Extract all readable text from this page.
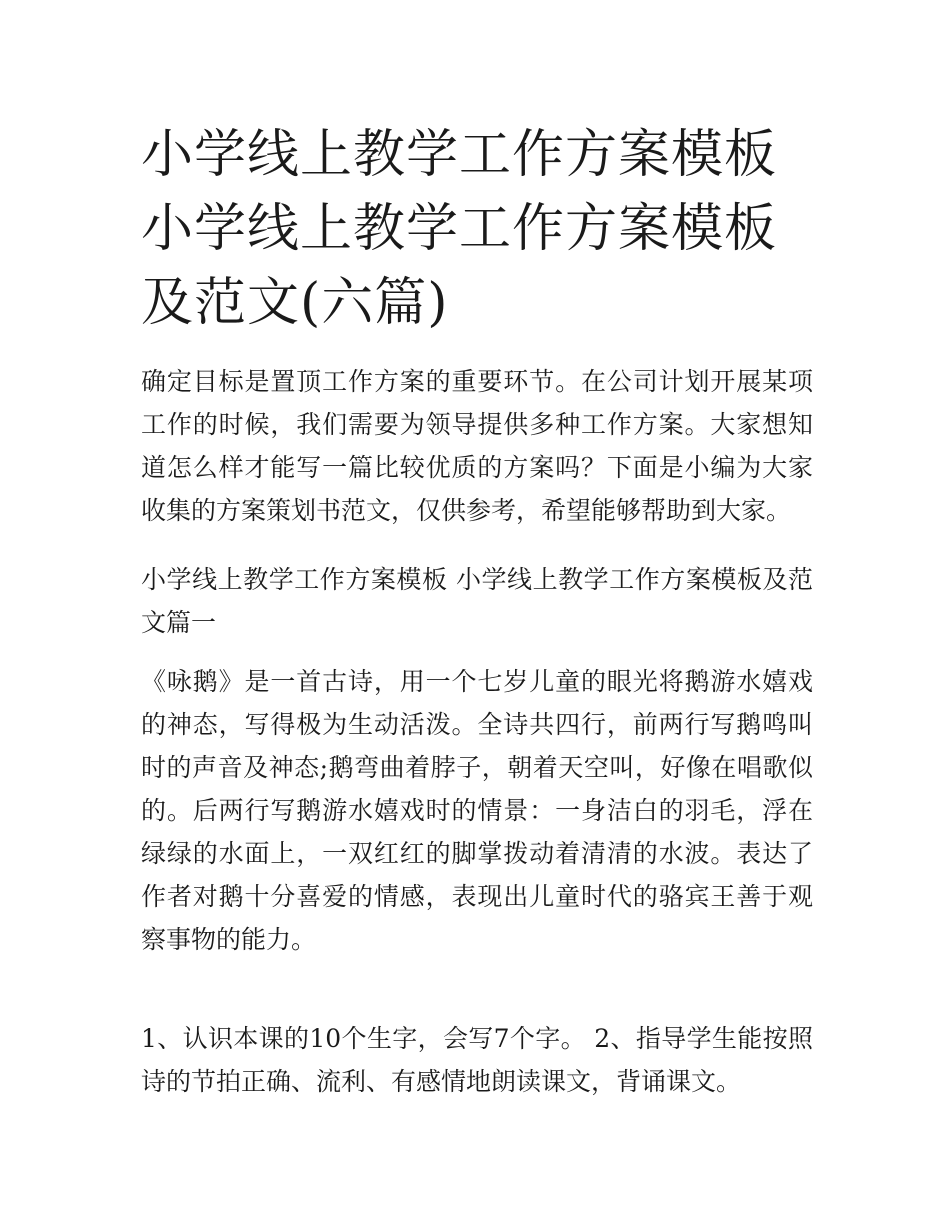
小学线上教学工作方案模板 小学线上教学工作方案模板及范文(六篇)

确定目标是置顶工作方案的重要环节。在公司计划开展某项工作的时候，我们需要为领导提供多种工作方案。大家想知道怎么样才能写一篇比较优质的方案吗？下面是小编为大家收集的方案策划书范文，仅供参考，希望能够帮助到大家。

小学线上教学工作方案模板 小学线上教学工作方案模板及范文篇一

《咏鹅》是一首古诗，用一个七岁儿童的眼光将鹅游水嬉戏的神态，写得极为生动活泼。全诗共四行，前两行写鹅鸣叫时的声音及神态;鹅弯曲着脖子，朝着天空叫，好像在唱歌似的。后两行写鹅游水嬉戏时的情景：一身洁白的羽毛，浮在绿绿的水面上，一双红红的脚掌拨动着清清的水波。表达了作者对鹅十分喜爱的情感，表现出儿童时代的骆宾王善于观察事物的能力。

1、认识本课的10个生字，会写7个字。 2、指导学生能按照诗的节拍正确、流利、有感情地朗读课文，背诵课文。
